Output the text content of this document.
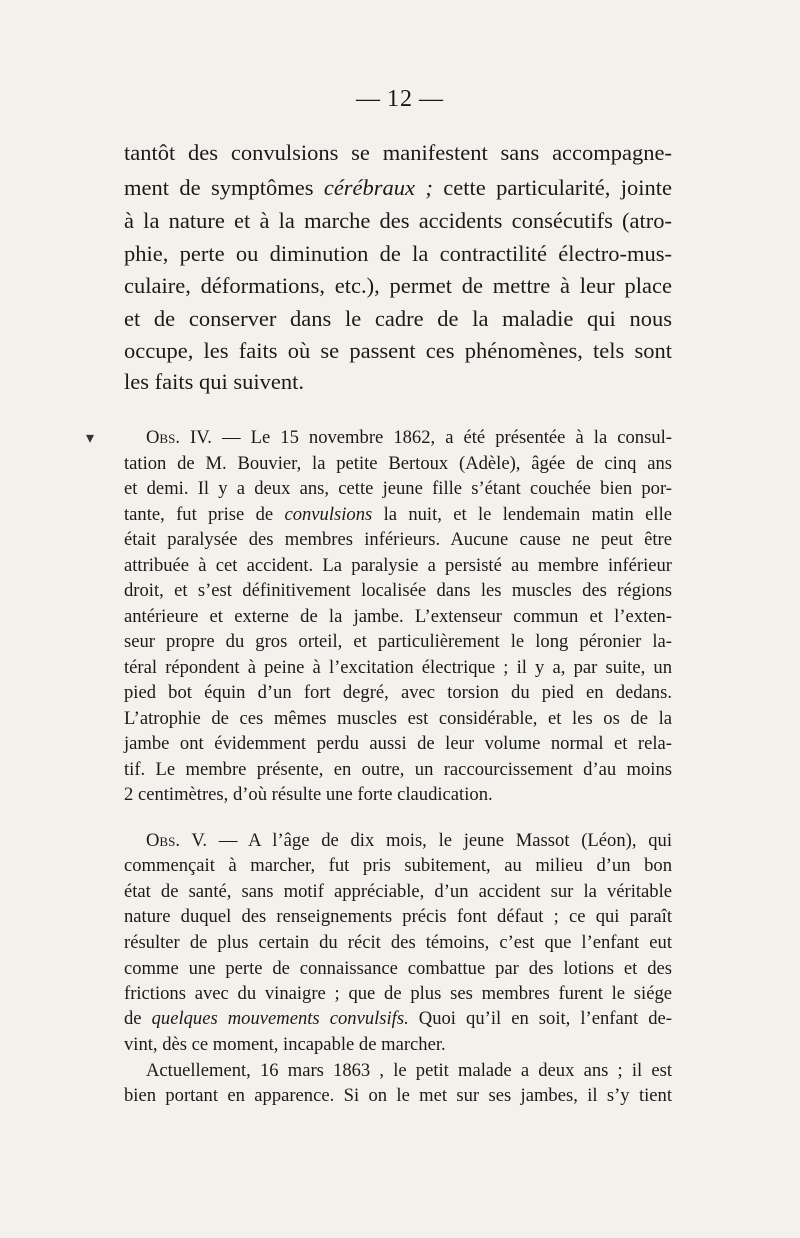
— 12 —
tantôt des convulsions se manifestent sans accompagne-
ment de symptômes cérébraux ; cette particularité, jointe
à la nature et à la marche des accidents consécutifs (atro-
phie, perte ou diminution de la contractilité électro-mus-
culaire, déformations, etc.), permet de mettre à leur place
et de conserver dans le cadre de la maladie qui nous
occupe, les faits où se passent ces phénomènes, tels sont
les faits qui suivent.
▾	Obs. IV. — Le 15 novembre 1862, a été présentée à la consul-
tation de M. Bouvier, la petite Bertoux (Adèle), âgée de cinq ans
et demi. Il y a deux ans, cette jeune fille s’étant couchée bien por-
tante, fut prise de convulsions la nuit, et le lendemain matin elle
était paralysée des membres inférieurs. Aucune cause ne peut être
attribuée à cet accident. La paralysie a persisté au membre inférieur
droit, et s’est définitivement localisée dans les muscles des régions
antérieure et externe de la jambe. L’extenseur commun et l’exten-
seur propre du gros orteil, et particulièrement le long péronier la-
téral répondent à peine à l’excitation électrique ; il y a, par suite, un
pied bot équin d’un fort degré, avec torsion du pied en dedans.
L’atrophie de ces mêmes muscles est considérable, et les os de la
jambe ont évidemment perdu aussi de leur volume normal et rela-
tif. Le membre présente, en outre, un raccourcissement d’au moins
2 centimètres, d’où résulte une forte claudication.
Obs. V. — A l’âge de dix mois, le jeune Massot (Léon), qui
commençait à marcher, fut pris subitement, au milieu d’un bon
état de santé, sans motif appréciable, d’un accident sur la véritable
nature duquel des renseignements précis font défaut ; ce qui paraît
résulter de plus certain du récit des témoins, c’est que l’enfant eut
comme une perte de connaissance combattue par des lotions et des
frictions avec du vinaigre ; que de plus ses membres furent le siége
de quelques mouvements convulsifs. Quoi qu’il en soit, l’enfant de-
vint, dès ce moment, incapable de marcher.
Actuellement, 16 mars 1863 , le petit malade a deux ans ; il est
bien portant en apparence. Si on le met sur ses jambes, il s’y tient
